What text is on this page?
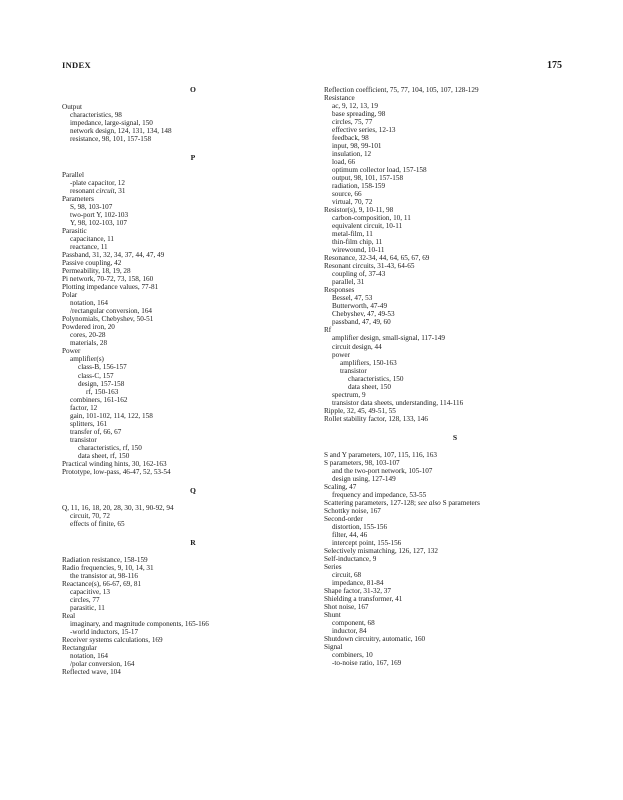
INDEX	175
O
Output
characteristics, 98
impedance, large-signal, 150
network design, 124, 131, 134, 148
resistance, 98, 101, 157-158
P
Parallel
-plate capacitor, 12
resonant circuit, 31
Parameters
S, 98, 103-107
two-port Y, 102-103
Y, 98, 102-103, 107
Parasitic
capacitance, 11
reactance, 11
Passband, 31, 32, 34, 37, 44, 47, 49
Passive coupling, 42
Permeability, 18, 19, 28
Pi network, 70-72, 73, 158, 160
Plotting impedance values, 77-81
Polar
notation, 164
/rectangular conversion, 164
Polynomials, Chebyshev, 50-51
Powdered iron, 20
cores, 20-28
materials, 28
Power
amplifier(s)
class-B, 156-157
class-C, 157
design, 157-158
rf, 150-163
combiners, 161-162
factor, 12
gain, 101-102, 114, 122, 158
splitters, 161
transfer of, 66, 67
transistor
characteristics, rf, 150
data sheet, rf, 150
Practical winding hints, 30, 162-163
Prototype, low-pass, 46-47, 52, 53-54
Q
Q, 11, 16, 18, 20, 28, 30, 31, 90-92, 94
circuit, 70, 72
effects of finite, 65
R
Radiation resistance, 158-159
Radio frequencies, 9, 10, 14, 31
the transistor at, 98-116
Reactance(s), 66-67, 69, 81
capacitive, 13
circles, 77
parasitic, 11
Real
imaginary, and magnitude components, 165-166
-world inductors, 15-17
Receiver systems calculations, 169
Rectangular
notation, 164
/polar conversion, 164
Reflected wave, 104
Reflection coefficient, 75, 77, 104, 105, 107, 128-129
Resistance
ac, 9, 12, 13, 19
base spreading, 98
circles, 75, 77
effective series, 12-13
feedback, 98
input, 98, 99-101
insulation, 12
load, 66
optimum collector load, 157-158
output, 98, 101, 157-158
radiation, 158-159
source, 66
virtual, 70, 72
Resistor(s), 9, 10-11, 98
carbon-composition, 10, 11
equivalent circuit, 10-11
metal-film, 11
thin-film chip, 11
wirewound, 10-11
Resonance, 32-34, 44, 64, 65, 67, 69
Resonant circuits, 31-43, 64-65
coupling of, 37-43
parallel, 31
Responses
Bessel, 47, 53
Butterworth, 47-49
Chebyshev, 47, 49-53
passband, 47, 49, 60
Rf
amplifier design, small-signal, 117-149
circuit design, 44
power
amplifiers, 150-163
transistor
characteristics, 150
data sheet, 150
spectrum, 9
transistor data sheets, understanding, 114-116
Ripple, 32, 45, 49-51, 55
Rollet stability factor, 128, 133, 146
S
S and Y parameters, 107, 115, 116, 163
S parameters, 98, 103-107
and the two-port network, 105-107
design using, 127-149
Scaling, 47
frequency and impedance, 53-55
Scattering parameters, 127-128; see also S parameters
Schottky noise, 167
Second-order
distortion, 155-156
filter, 44, 46
intercept point, 155-156
Selectively mismatching, 126, 127, 132
Self-inductance, 9
Series
circuit, 68
impedance, 81-84
Shape factor, 31-32, 37
Shielding a transformer, 41
Shot noise, 167
Shunt
component, 68
inductor, 84
Shutdown circuitry, automatic, 160
Signal
combiners, 10
-to-noise ratio, 167, 169
